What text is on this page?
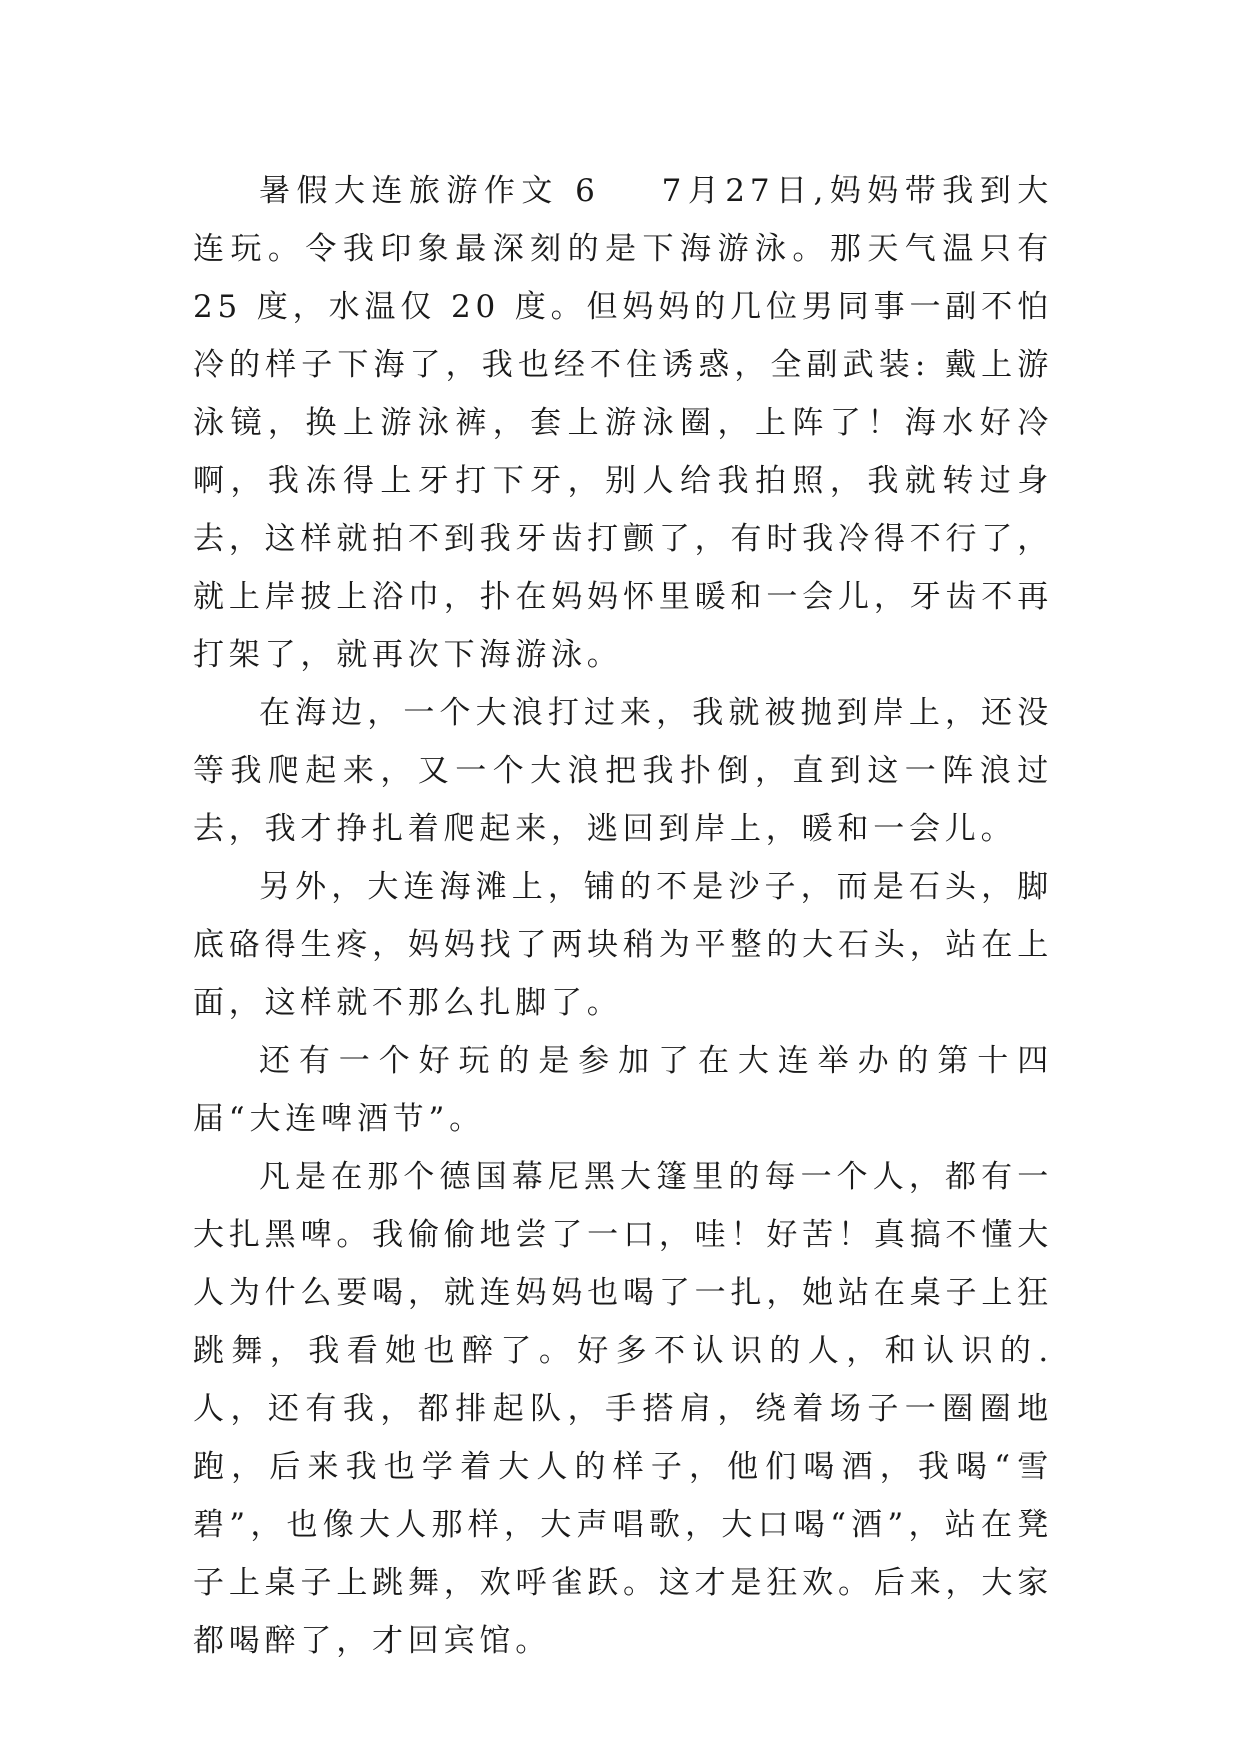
暑假大连旅游作文 6 7月27日,妈妈带我到大连玩。令我印象最深刻的是下海游泳。那天气温只有 25 度，水温仅 20 度。但妈妈的几位男同事一副不怕冷的样子下海了，我也经不住诱惑，全副武装: 戴上游泳镜，换上游泳裤，套上游泳圈，上阵了！海水好冷啊，我冻得上牙打下牙，别人给我拍照，我就转过身去，这样就拍不到我牙齿打颤了，有时我冷得不行了，就上岸披上浴巾，扑在妈妈怀里暖和一会儿，牙齿不再打架了，就再次下海游泳。

在海边，一个大浪打过来，我就被抛到岸上，还没等我爬起来，又一个大浪把我扑倒，直到这一阵浪过去，我才挣扎着爬起来，逃回到岸上，暖和一会儿。

另外，大连海滩上，铺的不是沙子，而是石头，脚底硌得生疼，妈妈找了两块稍为平整的大石头，站在上面，这样就不那么扎脚了。

还有一个好玩的是参加了在大连举办的第十四届“大连啤酒节”。

凡是在那个德国幕尼黑大篷里的每一个人，都有一大扎黑啤。我偷偷地尝了一口，哇！好苦！真搞不懂大人为什么要喝，就连妈妈也喝了一扎，她站在桌子上狂跳舞，我看她也醉了。好多不认识的人，和认识的.人，还有我，都排起队，手搭肩，绕着场子一圈圈地跑，后来我也学着大人的样子，他们喝酒，我喝“雪碧”，也像大人那样，大声唱歌，大口喝“酒”，站在凳子上桌子上跳舞，欢呼雀跃。这才是狂欢。后来，大家都喝醉了，才回宾馆。
